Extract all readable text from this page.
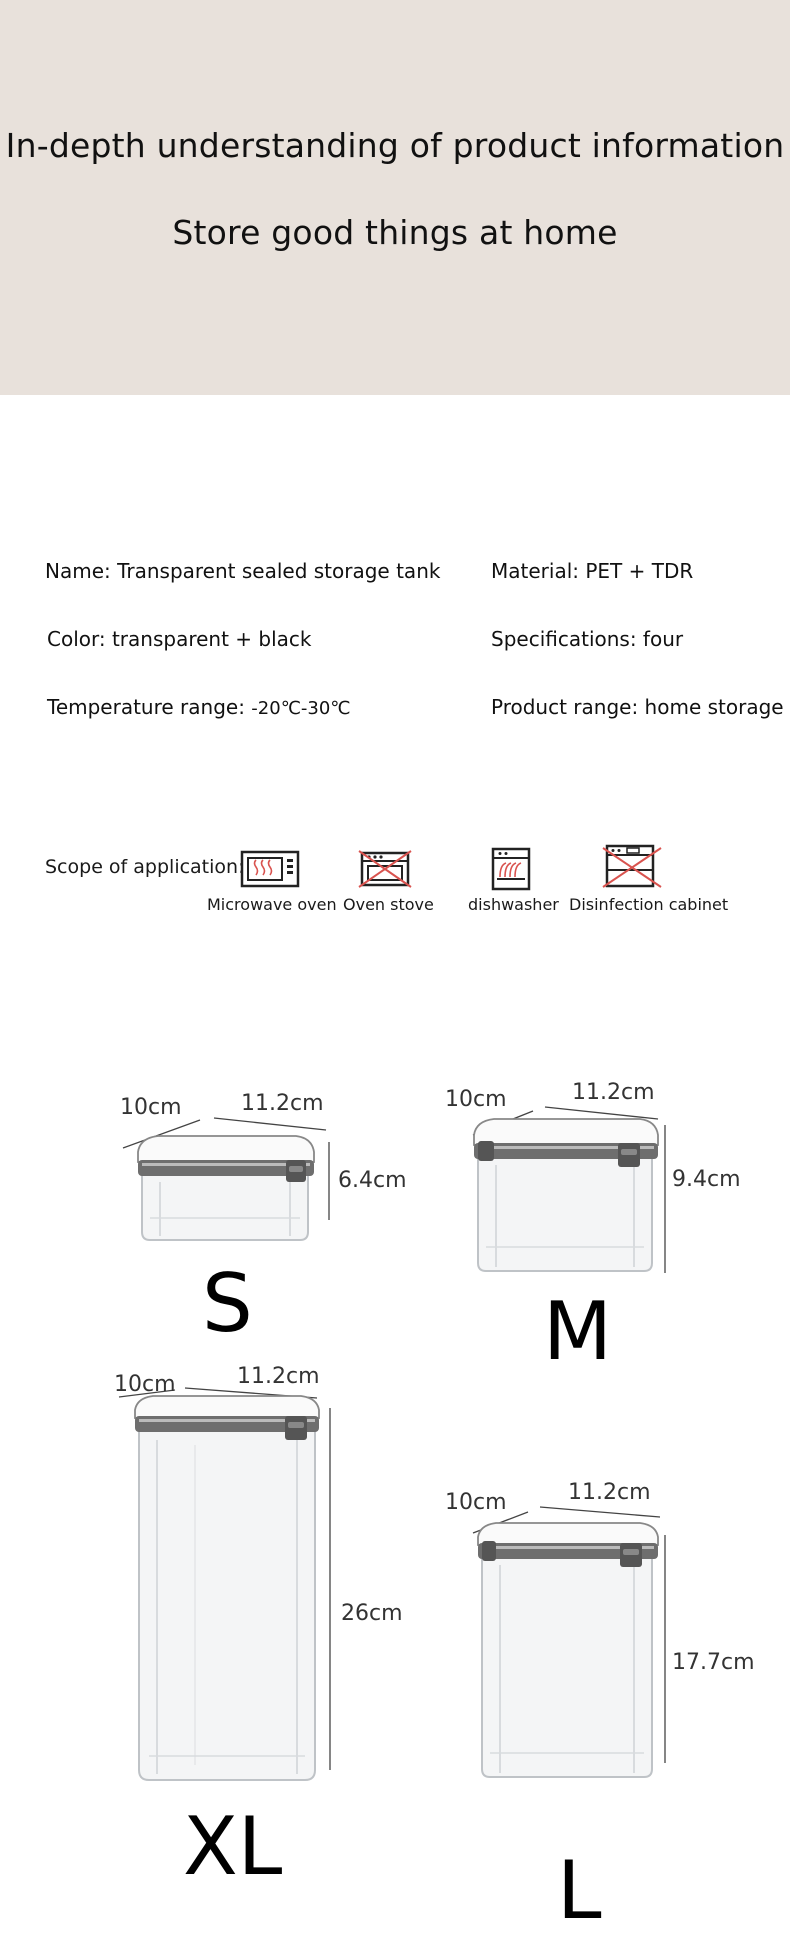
In-depth understanding of product information
Store good things at home
Name: Transparent sealed storage tank	Material: PET + TDR
Color: transparent + black	Specifications: four
Temperature range: -20℃-30℃	Product range: home storage
Scope of application:
Microwave oven Oven stove dishwasher Disinfection cabinet
10cm	11.2cm
6.4cm
S
10cm	11.2cm
9.4cm
M
10cm	11.2cm
26cm
XL
10cm	11.2cm
17.7cm
L
